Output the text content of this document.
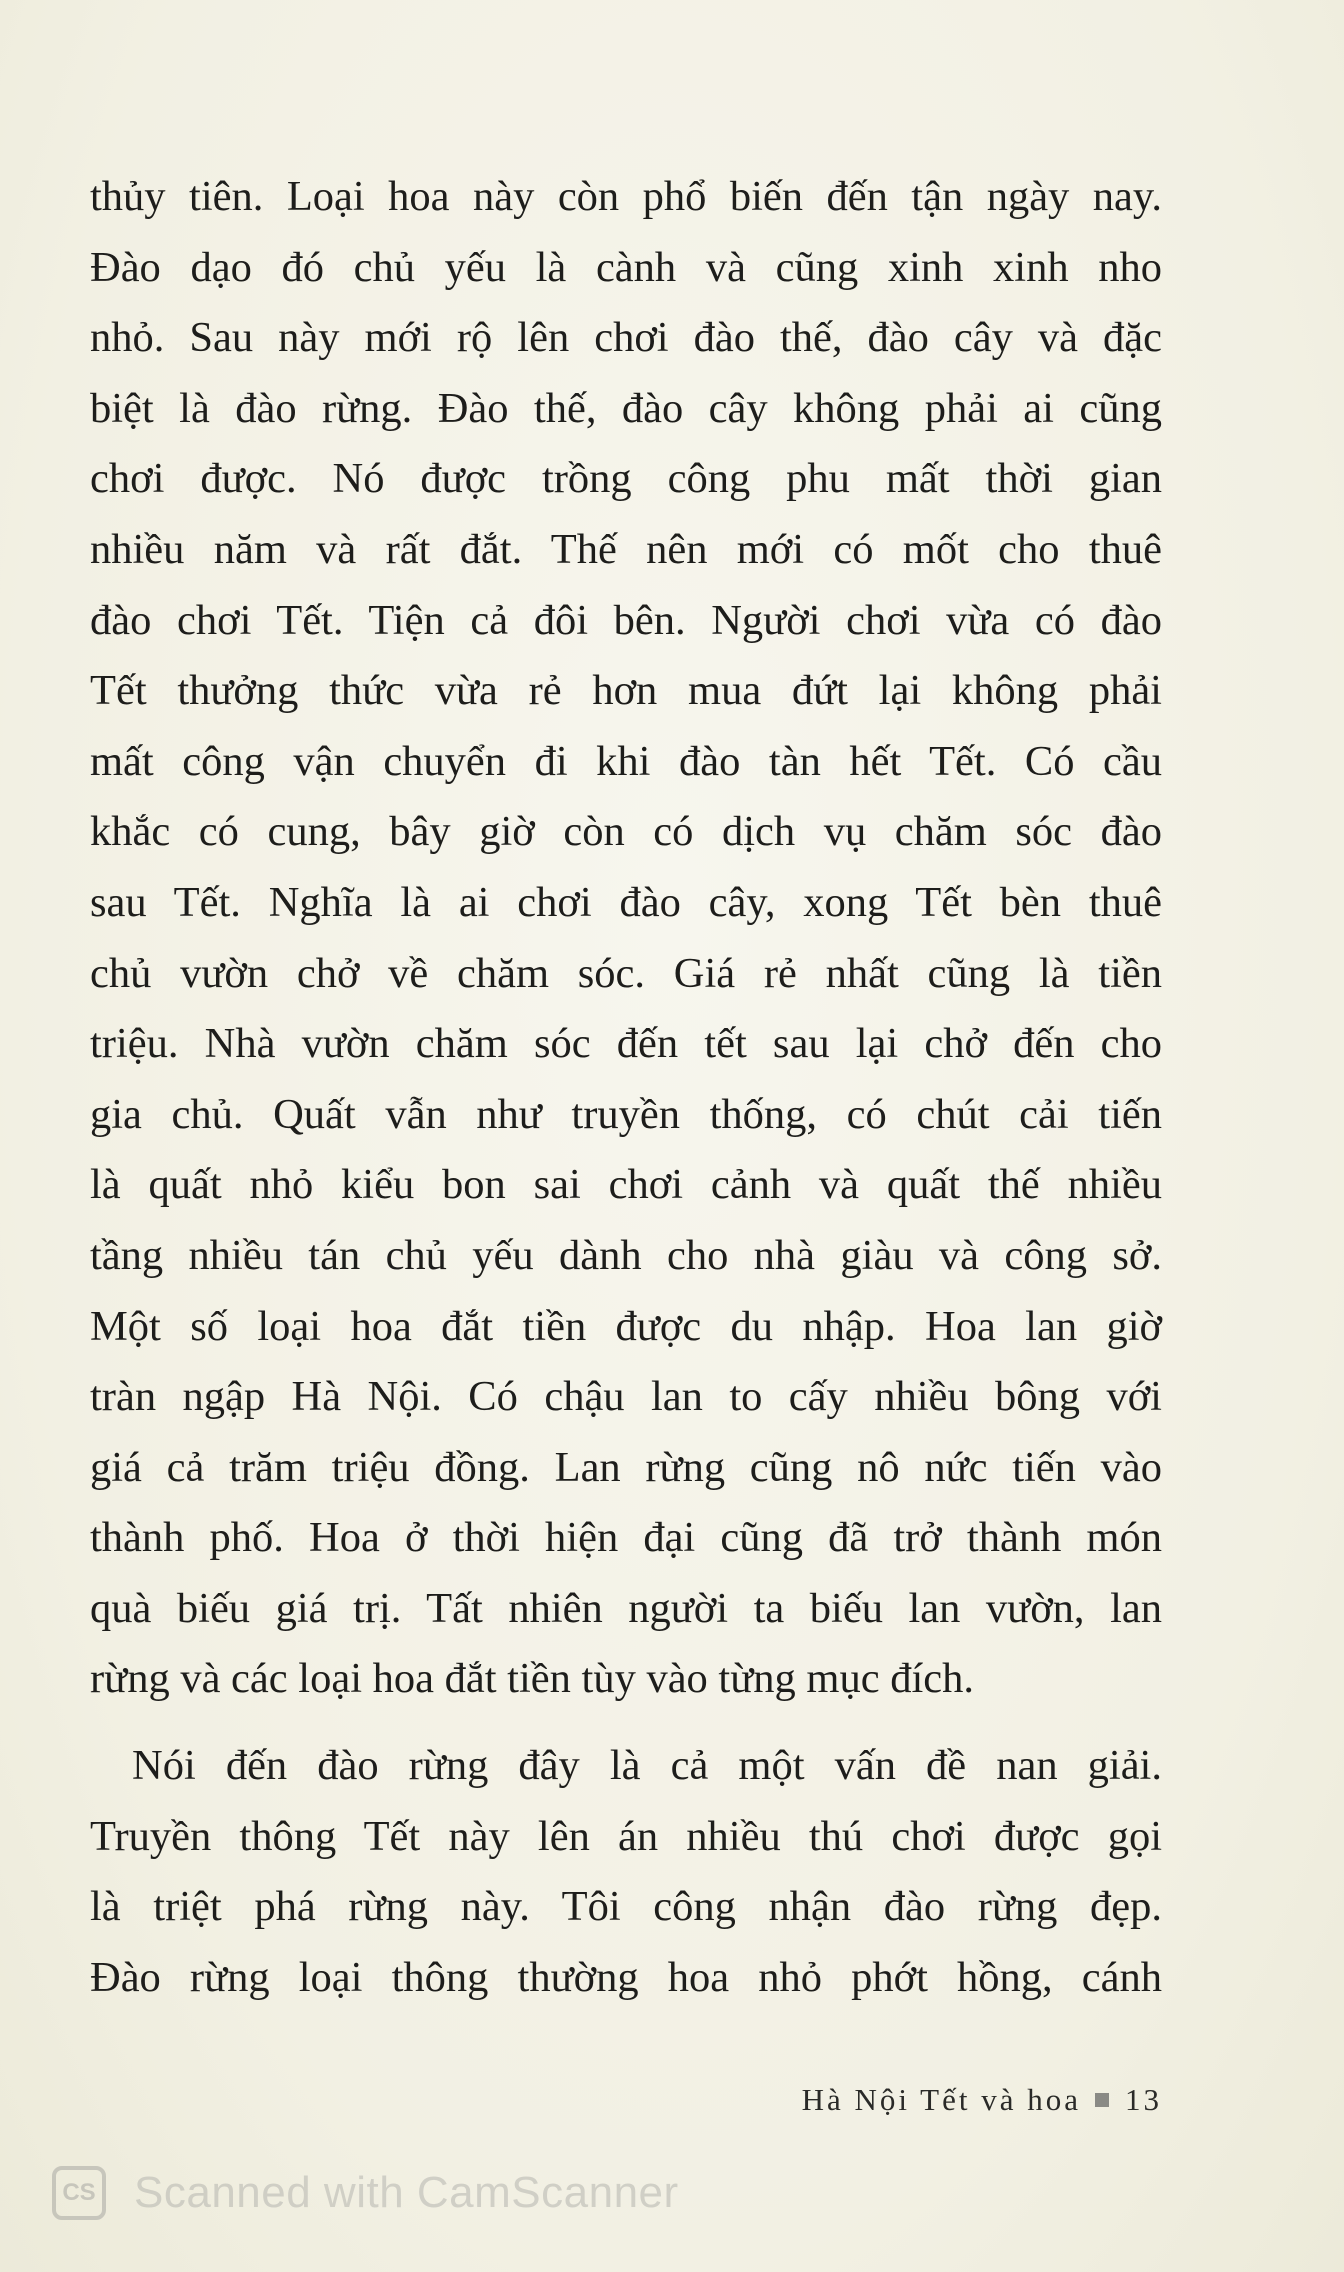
thủy tiên. Loại hoa này còn phổ biến đến tận ngày nay.
Đào dạo đó chủ yếu là cành và cũng xinh xinh nho
nhỏ. Sau này mới rộ lên chơi đào thế, đào cây và đặc
biệt là đào rừng. Đào thế, đào cây không phải ai cũng
chơi được. Nó được trồng công phu mất thời gian
nhiều năm và rất đắt. Thế nên mới có mốt cho thuê
đào chơi Tết. Tiện cả đôi bên. Người chơi vừa có đào
Tết thưởng thức vừa rẻ hơn mua đứt lại không phải
mất công vận chuyển đi khi đào tàn hết Tết. Có cầu
khắc có cung, bây giờ còn có dịch vụ chăm sóc đào
sau Tết. Nghĩa là ai chơi đào cây, xong Tết bèn thuê
chủ vườn chở về chăm sóc. Giá rẻ nhất cũng là tiền
triệu. Nhà vườn chăm sóc đến tết sau lại chở đến cho
gia chủ. Quất vẫn như truyền thống, có chút cải tiến
là quất nhỏ kiểu bon sai chơi cảnh và quất thế nhiều
tầng nhiều tán chủ yếu dành cho nhà giàu và công sở.
Một số loại hoa đắt tiền được du nhập. Hoa lan giờ
tràn ngập Hà Nội. Có chậu lan to cấy nhiều bông với
giá cả trăm triệu đồng. Lan rừng cũng nô nức tiến vào
thành phố. Hoa ở thời hiện đại cũng đã trở thành món
quà biếu giá trị. Tất nhiên người ta biếu lan vườn, lan
rừng và các loại hoa đắt tiền tùy vào từng mục đích.

Nói đến đào rừng đây là cả một vấn đề nan giải.
Truyền thông Tết này lên án nhiều thú chơi được gọi
là triệt phá rừng này. Tôi công nhận đào rừng đẹp.
Đào rừng loại thông thường hoa nhỏ phớt hồng, cánh

Hà Nội Tết và hoa 13
CS Scanned with CamScanner
